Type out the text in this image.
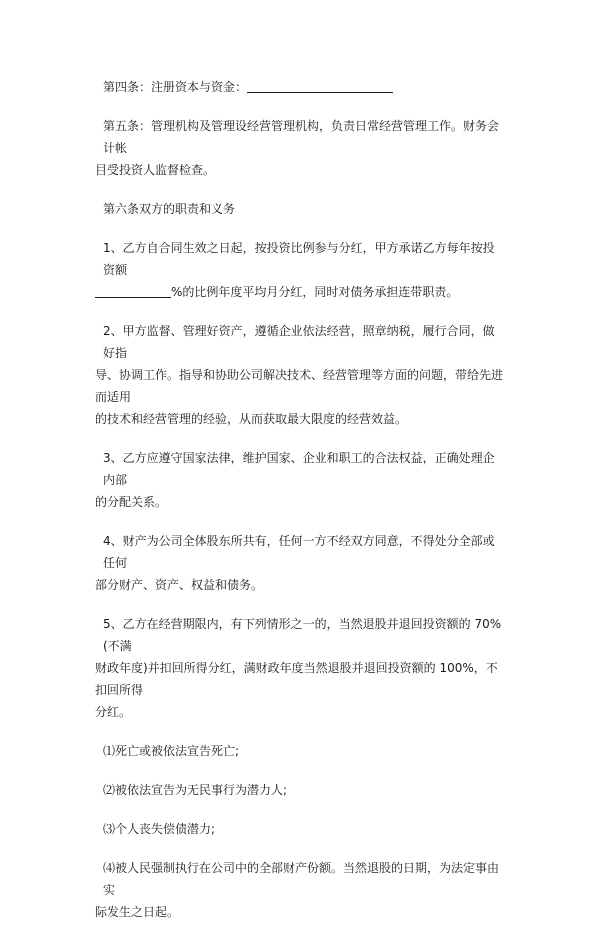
第四条：注册资本与资金：

第五条：管理机构及管理设经营管理机构，负责日常经营管理工作。财务会计帐
目受投资人监督检查。

第六条双方的职责和义务

1、乙方自合同生效之日起，按投资比例参与分红，甲方承诺乙方每年按投资额
%的比例年度平均月分红，同时对债务承担连带职责。

2、甲方监督、管理好资产，遵循企业依法经营，照章纳税，履行合同，做好指
导、协调工作。指导和协助公司解决技术、经营管理等方面的问题，带给先进而适用
的技术和经营管理的经验，从而获取最大限度的经营效益。

3、乙方应遵守国家法律，维护国家、企业和职工的合法权益，正确处理企内部
的分配关系。

4、财产为公司全体股东所共有，任何一方不经双方同意，不得处分全部或任何
部分财产、资产、权益和债务。

5、乙方在经营期限内，有下列情形之一的，当然退股并退回投资额的 70%(不满
财政年度)并扣回所得分红，满财政年度当然退股并退回投资额的 100%，不扣回所得
分红。

⑴死亡或被依法宣告死亡;

⑵被依法宣告为无民事行为潜力人;

⑶个人丧失偿债潜力;

⑷被人民强制执行在公司中的全部财产份额。当然退股的日期，为法定事由实
际发生之日起。
